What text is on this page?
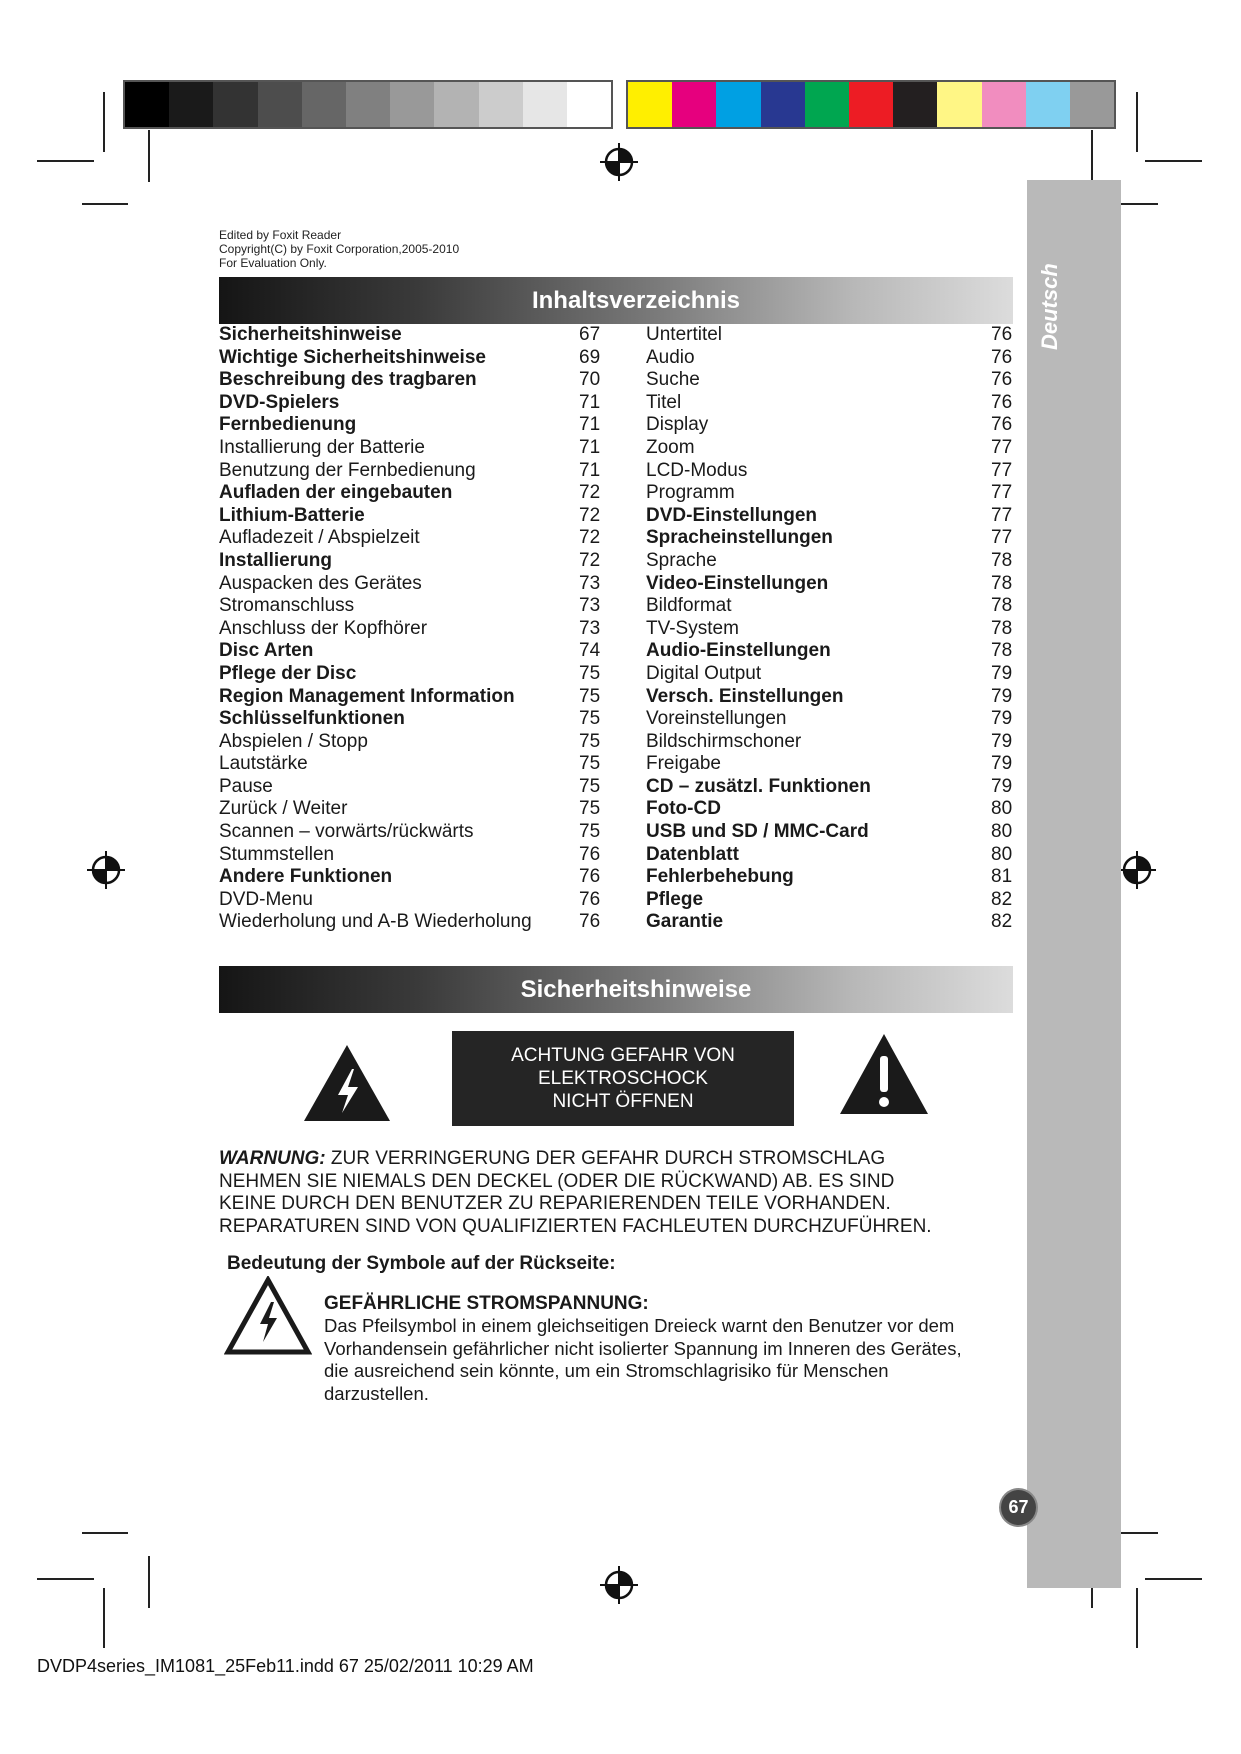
Deutsch
Edited by Foxit Reader
Copyright(C) by Foxit Corporation,2005-2010
For Evaluation Only.
Inhaltsverzeichnis
Sicherheitshinweise	67
Wichtige Sicherheitshinweise	69
Beschreibung des tragbaren	70
DVD-Spielers	71
Fernbedienung	71
Installierung der Batterie	71
Benutzung der Fernbedienung	71
Aufladen der eingebauten	72
Lithium-Batterie	72
Aufladezeit / Abspielzeit	72
Installierung	72
Auspacken des Gerätes	73
Stromanschluss	73
Anschluss der Kopfhörer	73
Disc Arten	74
Pflege der Disc	75
Region Management Information	75
Schlüsselfunktionen	75
Abspielen / Stopp	75
Lautstärke	75
Pause	75
Zurück / Weiter	75
Scannen – vorwärts/rückwärts	75
Stummstellen	76
Andere Funktionen	76
DVD-Menu	76
Wiederholung und A-B Wiederholung 76
Untertitel	76
Audio	76
Suche	76
Titel	76
Display	76
Zoom	77
LCD-Modus	77
Programm	77
DVD-Einstellungen	77
Spracheinstellungen	77
Sprache	78
Video-Einstellungen	78
Bildformat	78
TV-System	78
Audio-Einstellungen	78
Digital Output	79
Versch. Einstellungen	79
Voreinstellungen	79
Bildschirmschoner	79
Freigabe	79
CD – zusätzl. Funktionen	79
Foto-CD	80
USB und SD / MMC-Card	80
Datenblatt	80
Fehlerbehebung	81
Pflege	82
Garantie	82
Sicherheitshinweise
ACHTUNG GEFAHR VON
ELEKTROSCHOCK
NICHT ÖFFNEN
WARNUNG: ZUR VERRINGERUNG DER GEFAHR DURCH STROMSCHLAG
NEHMEN SIE NIEMALS DEN DECKEL (ODER DIE RÜCKWAND) AB. ES SIND
KEINE DURCH DEN BENUTZER ZU REPARIERENDEN TEILE VORHANDEN.
REPARATUREN SIND VON QUALIFIZIERTEN FACHLEUTEN DURCHZUFÜHREN.
Bedeutung der Symbole auf der Rückseite:
GEFÄHRLICHE STROMSPANNUNG:
Das Pfeilsymbol in einem gleichseitigen Dreieck warnt den Benutzer vor dem
Vorhandensein gefährlicher nicht isolierter Spannung im Inneren des Gerätes,
die ausreichend sein könnte, um ein Stromschlagrisiko für Menschen
darzustellen.
67
DVDP4series_IM1081_25Feb11.indd 67 25/02/2011 10:29 AM
